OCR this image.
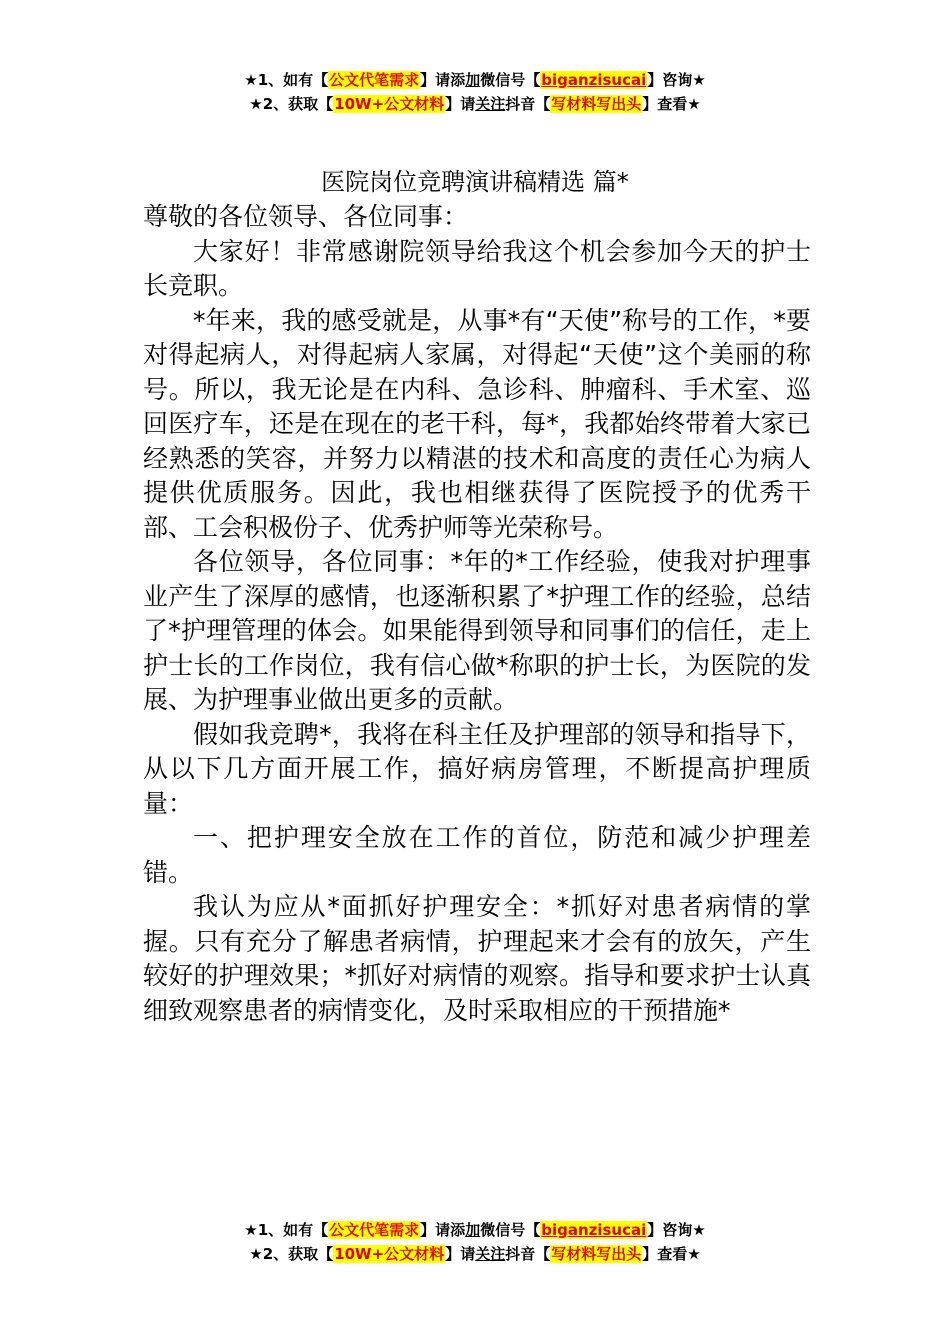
★1、如有【公文代笔需求】请添加微信号【biganzisucai】咨询★
★2、获取【10W+公文材料】请关注抖音【写材料写出头】查看★
医院岗位竞聘演讲稿精选 篇*

尊敬的各位领导、各位同事：

大家好！非常感谢院领导给我这个机会参加今天的护士长竞职。

*年来，我的感受就是，从事*有“天使”称号的工作，*要对得起病人，对得起病人家属，对得起“天使”这个美丽的称号。所以，我无论是在内科、急诊科、肿瘤科、手术室、巡回医疗车，还是在现在的老干科，每*，我都始终带着大家已经熟悉的笑容，并努力以精湛的技术和高度的责任心为病人提供优质服务。因此，我也相继获得了医院授予的优秀干部、工会积极份子、优秀护师等光荣称号。

各位领导，各位同事：*年的*工作经验，使我对护理事业产生了深厚的感情，也逐渐积累了*护理工作的经验，总结了*护理管理的体会。如果能得到领导和同事们的信任，走上护士长的工作岗位，我有信心做*称职的护士长，为医院的发展、为护理事业做出更多的贡献。

假如我竞聘*，我将在科主任及护理部的领导和指导下，从以下几方面开展工作，搞好病房管理，不断提高护理质量：

一、把护理安全放在工作的首位，防范和减少护理差错。

我认为应从*面抓好护理安全：*抓好对患者病情的掌握。只有充分了解患者病情，护理起来才会有的放矢，产生较好的护理效果；*抓好对病情的观察。指导和要求护士认真细致观察患者的病情变化，及时采取相应的干预措施*

★1、如有【公文代笔需求】请添加微信号【biganzisucai】咨询★
★2、获取【10W+公文材料】请关注抖音【写材料写出头】查看★
